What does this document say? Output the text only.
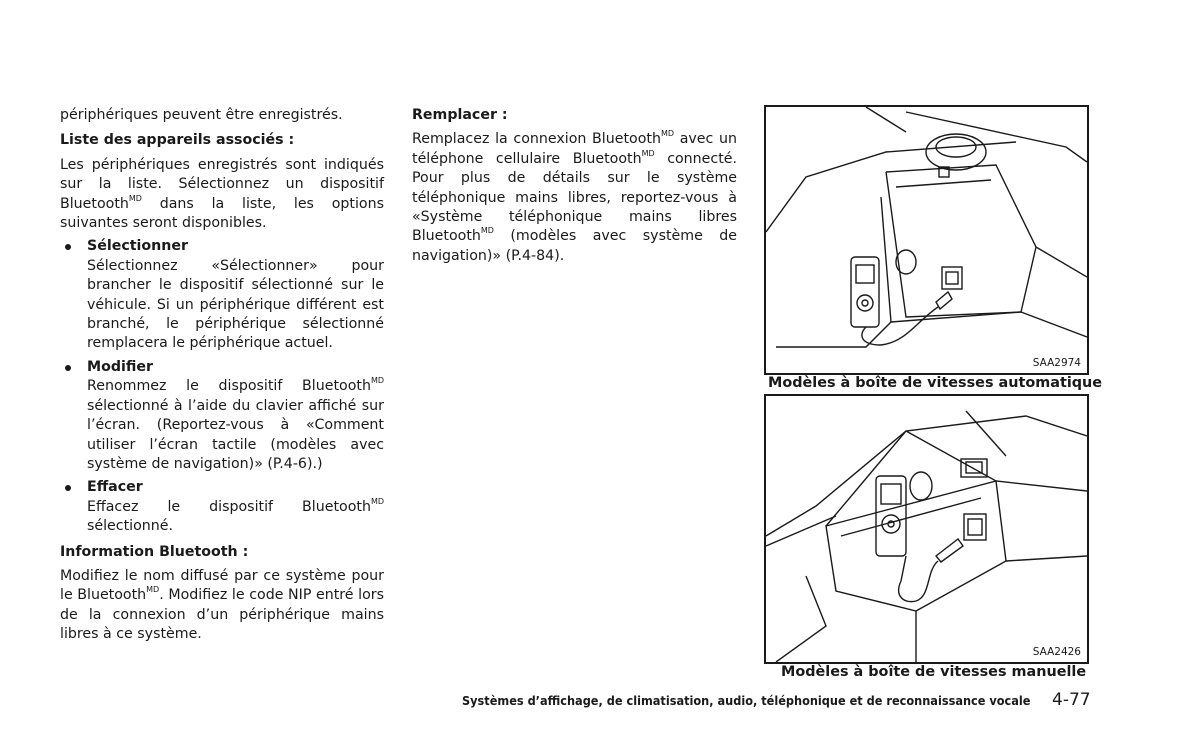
périphériques peuvent être enregistrés.

Liste des appareils associés :

Les périphériques enregistrés sont indiqués sur la liste. Sélectionnez un dispositif Bluetooth$^{MD}$ dans la liste, les options suivantes seront disponibles.

Sélectionner

Sélectionnez «Sélectionner» pour brancher le dispositif sélectionné sur le véhicule. Si un périphérique différent est branché, le périphérique sélectionné remplacera le périphérique actuel.

Modifier

Renommez le dispositif Bluetooth$^{MD}$ sélectionné à l’aide du clavier affiché sur l’écran. (Reportez-vous à «Comment utiliser l’écran tactile (modèles avec système de navigation)» (P.4-6).)

Effacer

Effacez le dispositif Bluetooth$^{MD}$ sélectionné.

Information Bluetooth :

Modifiez le nom diffusé par ce système pour le Bluetooth$^{MD}$. Modifiez le code NIP entré lors de la connexion d’un périphérique mains libres à ce système.

Remplacer :

Remplacez la connexion Bluetooth$^{MD}$ avec un téléphone cellulaire Bluetooth$^{MD}$ connecté. Pour plus de détails sur le système téléphonique mains libres, reportez-vous à «Système téléphonique mains libres Bluetooth$^{MD}$ (modèles avec système de navigation)» (P.4-84).

SAA2974
Modèles à boîte de vitesses automatique
SAA2426
Modèles à boîte de vitesses manuelle
Systèmes d’affichage, de climatisation, audio, téléphonique et de reconnaissance vocale 4-77
